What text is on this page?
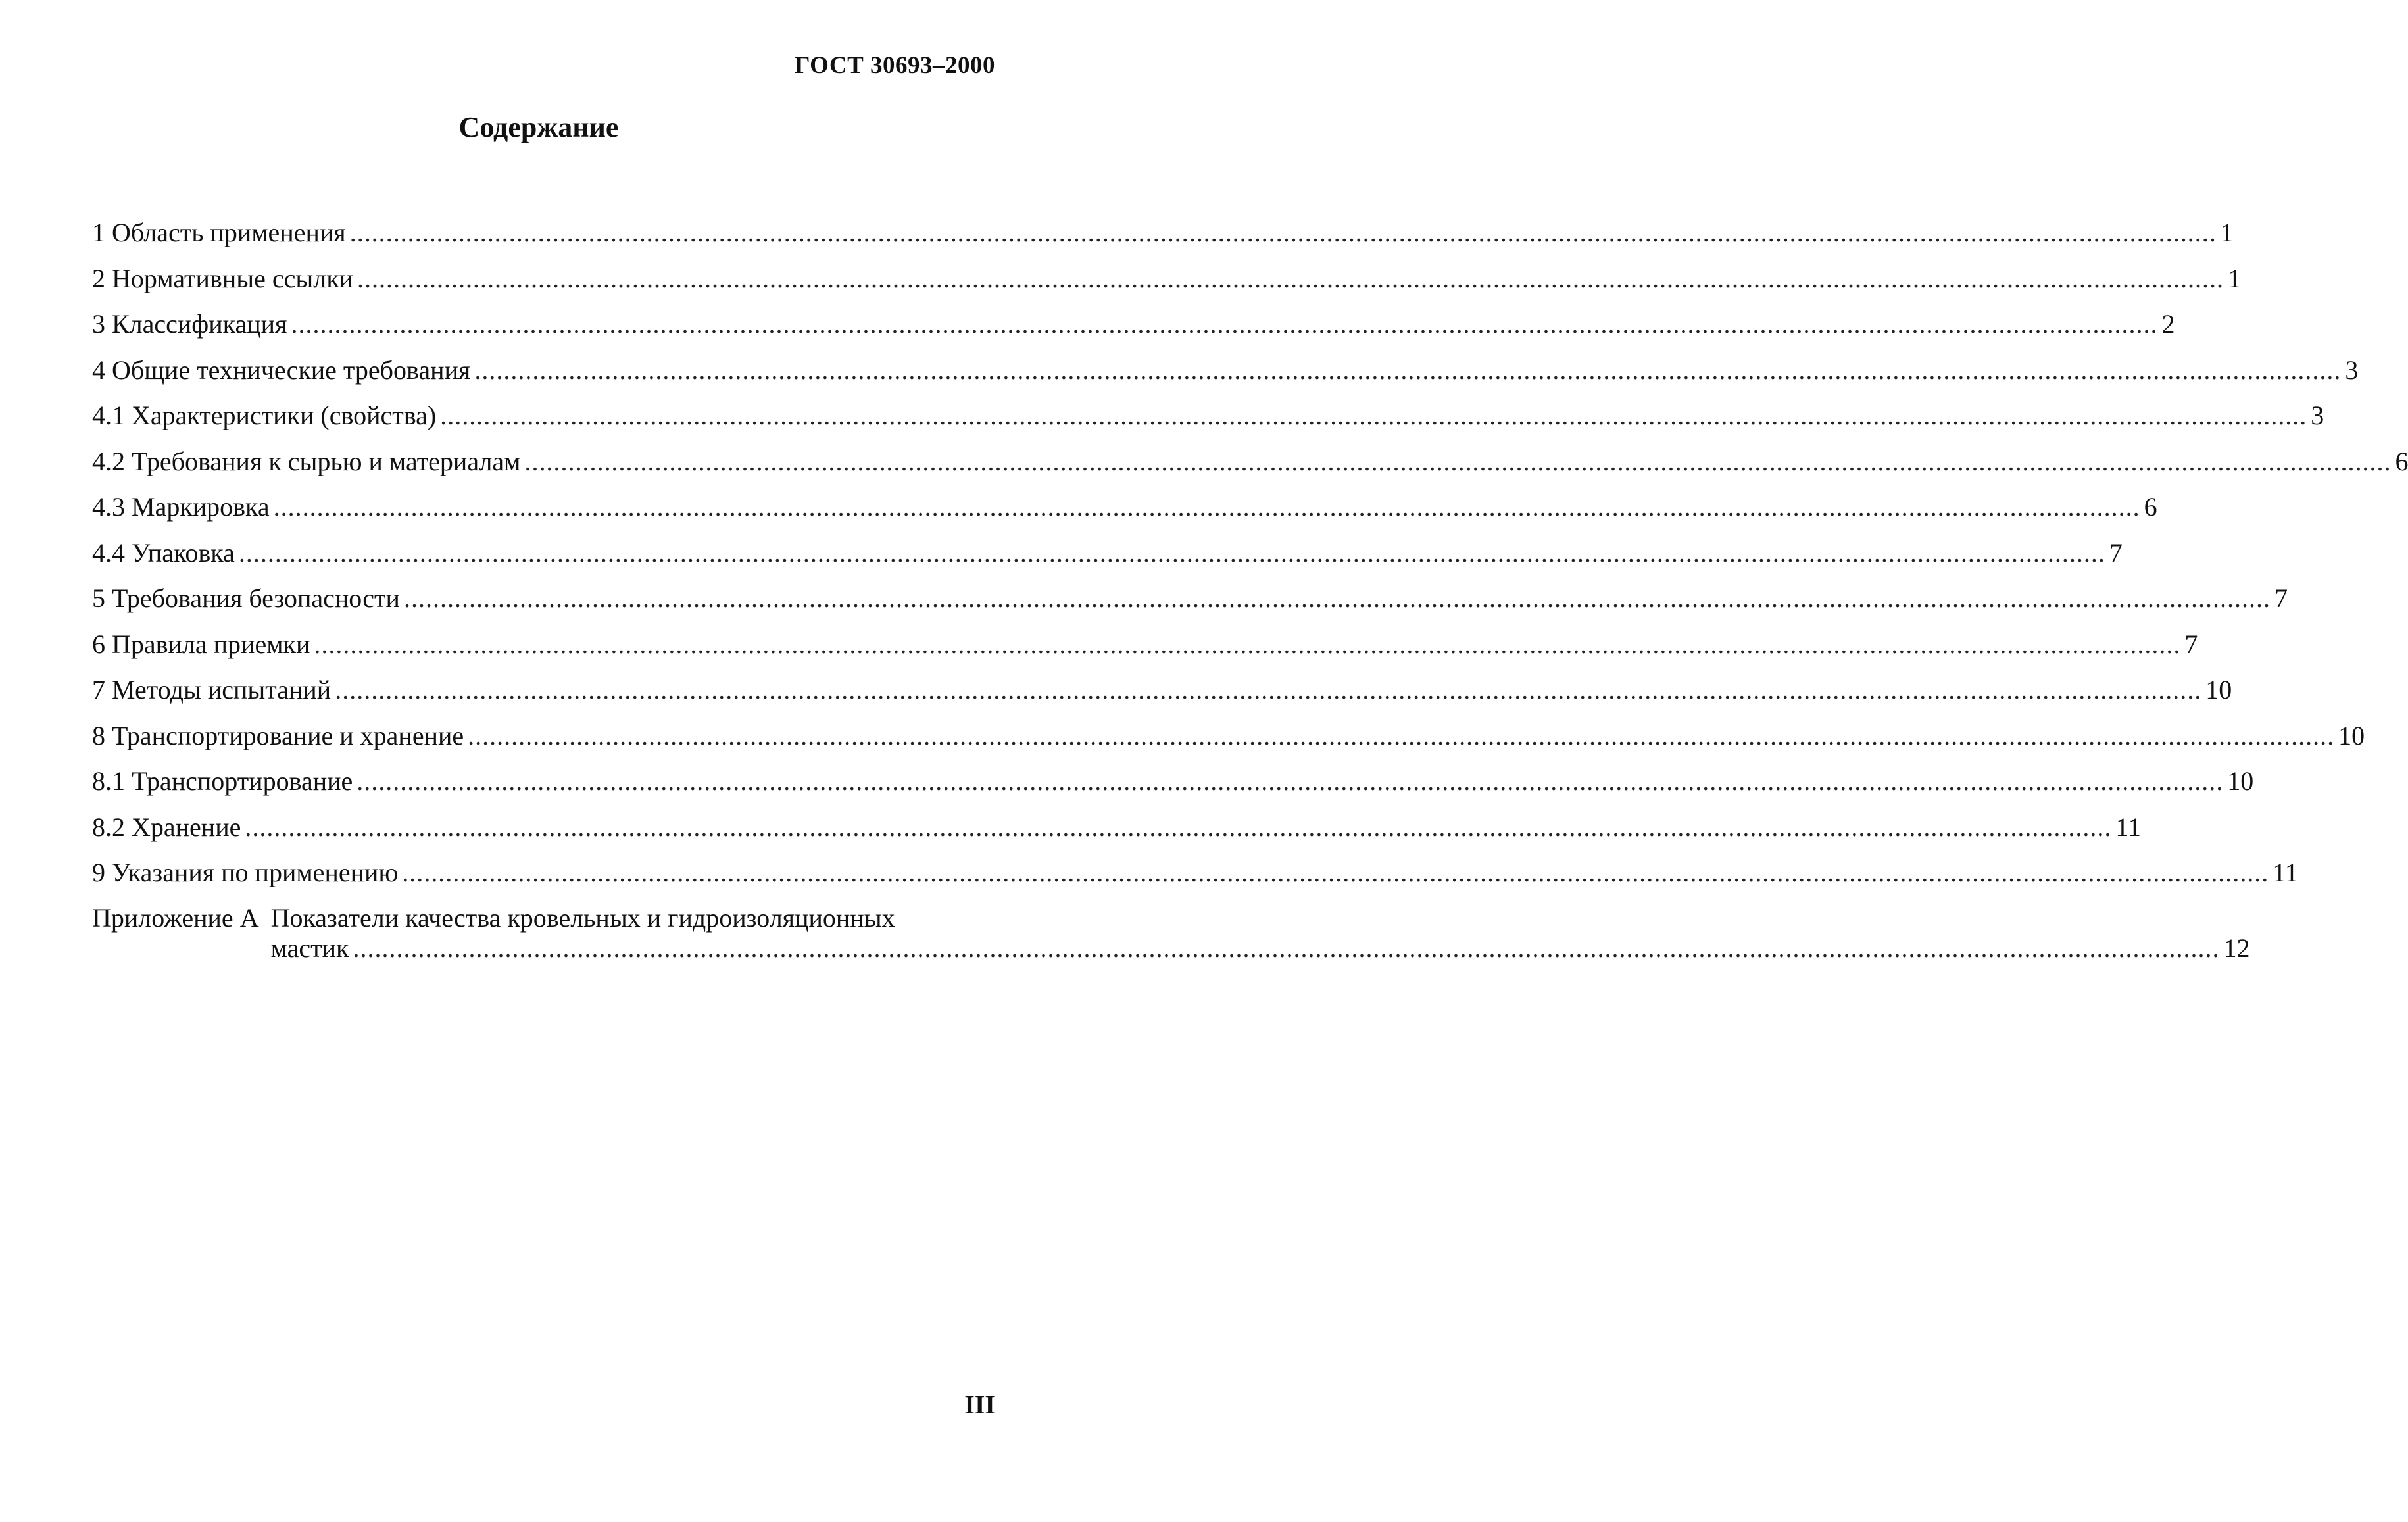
ГОСТ 30693–2000
Содержание
1 Область применения .....	1
2 Нормативные ссылки .....	1
3 Классификация .....	2
4 Общие технические требования .....	3
4.1 Характеристики (свойства) .....	3
4.2 Требования к сырью и материалам .....	6
4.3 Маркировка .....	6
4.4 Упаковка .....	7
5 Требования безопасности .....	7
6 Правила приемки .....	7
7 Методы испытаний .....	10
8 Транспортирование и хранение .....	10
8.1 Транспортирование .....	10
8.2 Хранение .....	11
9 Указания по применению .....	11
Приложение А Показатели качества кровельных и гидроизоляционных
мастик .....	12
III
